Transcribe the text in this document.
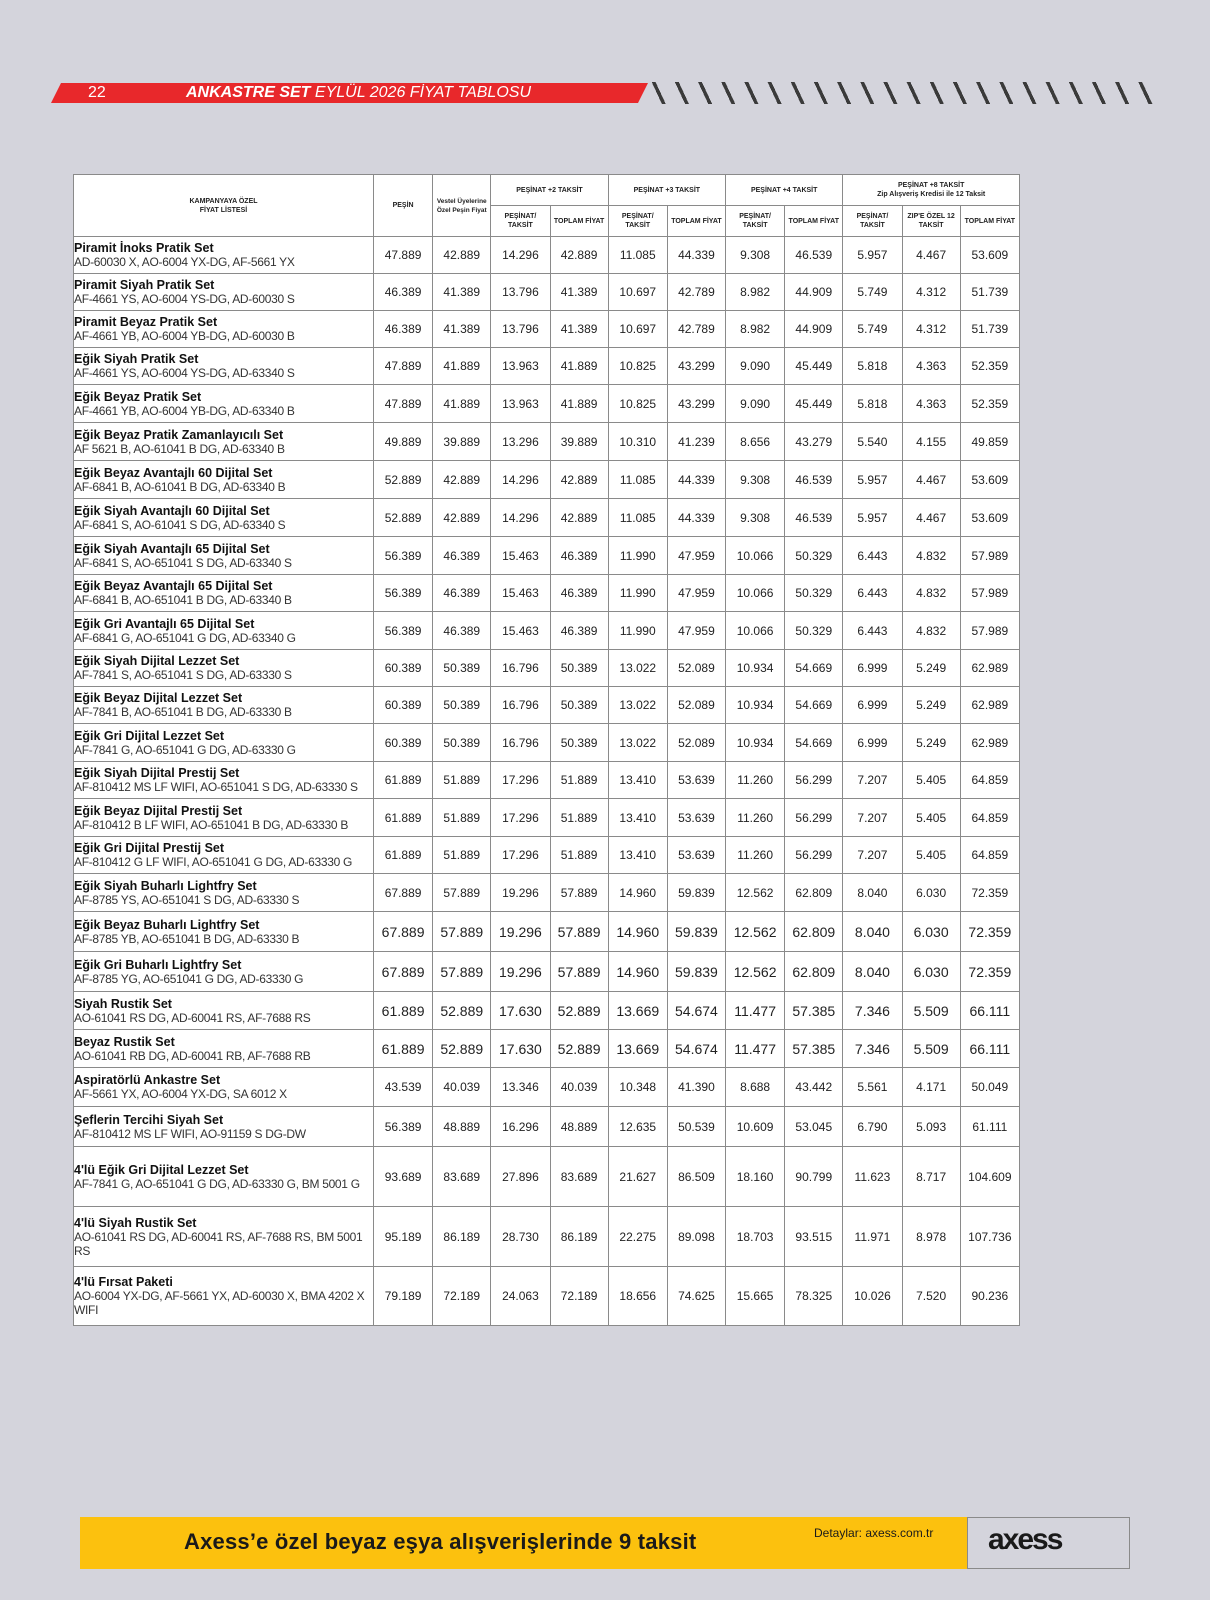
22	ANKASTRE SET EYLÜL 2026 FİYAT TABLOSU
KAMPANYAYA ÖZEL
FİYAT LİSTESİ	PEŞİN	Vestel Üyelerine Özel Peşin Fiyat	PEŞİNAT +2 TAKSİT		PEŞİNAT +3 TAKSİT		PEŞİNAT +4 TAKSİT		PEŞİNAT +8 TAKSİT
Zip Alışveriş Kredisi ile 12 Taksit		
			PEŞİNAT/ TAKSİT	TOPLAM FİYAT	PEŞİNAT/ TAKSİT	TOPLAM FİYAT	PEŞİNAT/ TAKSİT	TOPLAM FİYAT	PEŞİNAT/ TAKSİT	ZIP'E ÖZEL 12 TAKSİT	TOPLAM FİYAT

Piramit İnoks Pratik Set
AD-60030 X, AO-6004 YX-DG, AF-5661 YX	47.889	42.889	14.296	42.889	11.085	44.339	9.308	46.539	5.957	4.467	53.609

Piramit Siyah Pratik Set
AF-4661 YS, AO-6004 YS-DG, AD-60030 S	46.389	41.389	13.796	41.389	10.697	42.789	8.982	44.909	5.749	4.312	51.739

Piramit Beyaz Pratik Set
AF-4661 YB, AO-6004 YB-DG, AD-60030 B	46.389	41.389	13.796	41.389	10.697	42.789	8.982	44.909	5.749	4.312	51.739

Eğik Siyah Pratik Set
AF-4661 YS, AO-6004 YS-DG, AD-63340 S	47.889	41.889	13.963	41.889	10.825	43.299	9.090	45.449	5.818	4.363	52.359

Eğik Beyaz Pratik Set
AF-4661 YB, AO-6004 YB-DG, AD-63340 B	47.889	41.889	13.963	41.889	10.825	43.299	9.090	45.449	5.818	4.363	52.359

Eğik Beyaz Pratik Zamanlayıcılı Set
AF 5621 B, AO-61041 B DG, AD-63340 B	49.889	39.889	13.296	39.889	10.310	41.239	8.656	43.279	5.540	4.155	49.859

Eğik Beyaz Avantajlı 60 Dijital Set
AF-6841 B, AO-61041 B DG, AD-63340 B	52.889	42.889	14.296	42.889	11.085	44.339	9.308	46.539	5.957	4.467	53.609

Eğik Siyah Avantajlı 60 Dijital Set
AF-6841 S, AO-61041 S DG, AD-63340 S	52.889	42.889	14.296	42.889	11.085	44.339	9.308	46.539	5.957	4.467	53.609

Eğik Siyah Avantajlı 65 Dijital Set
AF-6841 S, AO-651041 S DG, AD-63340 S	56.389	46.389	15.463	46.389	11.990	47.959	10.066	50.329	6.443	4.832	57.989

Eğik Beyaz Avantajlı 65 Dijital Set
AF-6841 B, AO-651041 B DG, AD-63340 B	56.389	46.389	15.463	46.389	11.990	47.959	10.066	50.329	6.443	4.832	57.989

Eğik Gri Avantajlı 65 Dijital Set
AF-6841 G, AO-651041 G DG, AD-63340 G	56.389	46.389	15.463	46.389	11.990	47.959	10.066	50.329	6.443	4.832	57.989

Eğik Siyah Dijital Lezzet Set
AF-7841 S, AO-651041 S DG, AD-63330 S	60.389	50.389	16.796	50.389	13.022	52.089	10.934	54.669	6.999	5.249	62.989

Eğik Beyaz Dijital Lezzet Set
AF-7841 B, AO-651041 B DG, AD-63330 B	60.389	50.389	16.796	50.389	13.022	52.089	10.934	54.669	6.999	5.249	62.989

Eğik Gri Dijital Lezzet Set
AF-7841 G, AO-651041 G DG, AD-63330 G	60.389	50.389	16.796	50.389	13.022	52.089	10.934	54.669	6.999	5.249	62.989

Eğik Siyah Dijital Prestij Set
AF-810412 MS LF WIFI, AO-651041 S DG, AD-63330 S	61.889	51.889	17.296	51.889	13.410	53.639	11.260	56.299	7.207	5.405	64.859

Eğik Beyaz Dijital Prestij Set
AF-810412 B LF WIFI, AO-651041 B DG, AD-63330 B	61.889	51.889	17.296	51.889	13.410	53.639	11.260	56.299	7.207	5.405	64.859

Eğik Gri Dijital Prestij Set
AF-810412 G LF WIFI, AO-651041 G DG, AD-63330 G	61.889	51.889	17.296	51.889	13.410	53.639	11.260	56.299	7.207	5.405	64.859

Eğik Siyah Buharlı Lightfry Set
AF-8785 YS, AO-651041 S DG, AD-63330 S	67.889	57.889	19.296	57.889	14.960	59.839	12.562	62.809	8.040	6.030	72.359

Eğik Beyaz Buharlı Lightfry Set
AF-8785 YB, AO-651041 B DG, AD-63330 B	67.889	57.889	19.296	57.889	14.960	59.839	12.562	62.809	8.040	6.030	72.359

Eğik Gri Buharlı Lightfry Set
AF-8785 YG, AO-651041 G DG, AD-63330 G	67.889	57.889	19.296	57.889	14.960	59.839	12.562	62.809	8.040	6.030	72.359

Siyah Rustik Set
AO-61041 RS DG, AD-60041 RS, AF-7688 RS	61.889	52.889	17.630	52.889	13.669	54.674	11.477	57.385	7.346	5.509	66.111

Beyaz Rustik Set
AO-61041 RB DG, AD-60041 RB, AF-7688 RB	61.889	52.889	17.630	52.889	13.669	54.674	11.477	57.385	7.346	5.509	66.111

Aspiratörlü Ankastre Set
AF-5661 YX, AO-6004 YX-DG, SA 6012 X	43.539	40.039	13.346	40.039	10.348	41.390	8.688	43.442	5.561	4.171	50.049

Şeflerin Tercihi Siyah Set
AF-810412 MS LF WIFI, AO-91159 S DG-DW	56.389	48.889	16.296	48.889	12.635	50.539	10.609	53.045	6.790	5.093	61.111

4'lü Eğik Gri Dijital Lezzet Set
AF-7841 G, AO-651041 G DG, AD-63330 G, BM 5001 G	93.689	83.689	27.896	83.689	21.627	86.509	18.160	90.799	11.623	8.717	104.609

4'lü Siyah Rustik Set
AO-61041 RS DG, AD-60041 RS, AF-7688 RS, BM 5001 RS	95.189	86.189	28.730	86.189	22.275	89.098	18.703	93.515	11.971	8.978	107.736

4'lü Fırsat Paketi
AO-6004 YX-DG, AF-5661 YX, AD-60030 X, BMA 4202 X WIFI	79.189	72.189	24.063	72.189	18.656	74.625	15.665	78.325	10.026	7.520	90.236
Axess’e özel beyaz eşya alışverişlerinde 9 taksit	Detaylar: axess.com.tr axess
